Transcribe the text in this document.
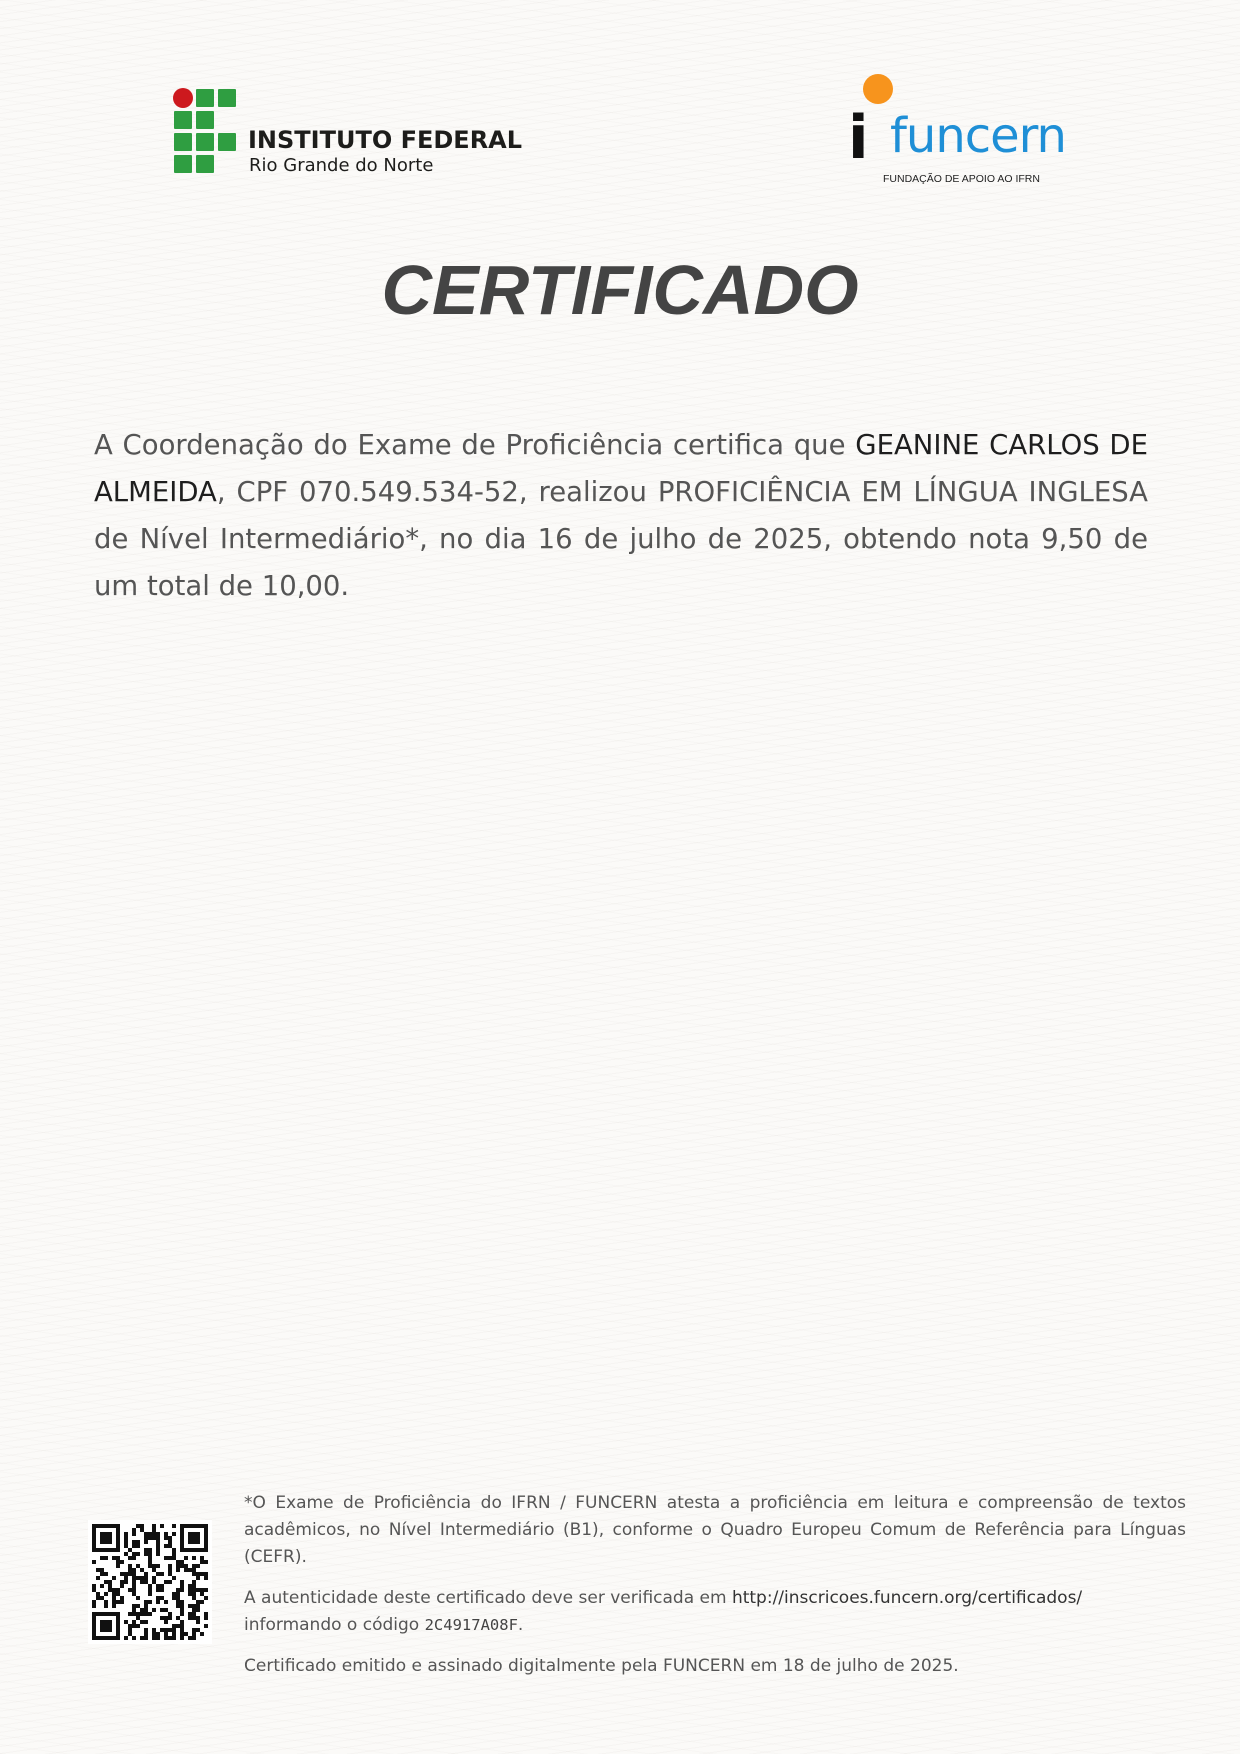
INSTITUTO FEDERAL
Rio Grande do Norte	i funcern
FUNDAÇÃO DE APOIO AO IFRN
CERTIFICADO

A Coordenação do Exame de Proficiência certifica que GEANINE CARLOS DE ALMEIDA, CPF 070.549.534-52, realizou PROFICIÊNCIA EM LÍNGUA INGLESA de Nível Intermediário*, no dia 16 de julho de 2025, obtendo nota 9,50 de um total de 10,00.

*O Exame de Proficiência do IFRN / FUNCERN atesta a proficiência em leitura e compreensão de textos acadêmicos, no Nível Intermediário (B1), conforme o Quadro Europeu Comum de Referência para Línguas (CEFR).

A autenticidade deste certificado deve ser verificada em http://inscricoes.funcern.org/certificados/
informando o código 2C4917A08F.

Certificado emitido e assinado digitalmente pela FUNCERN em 18 de julho de 2025.
